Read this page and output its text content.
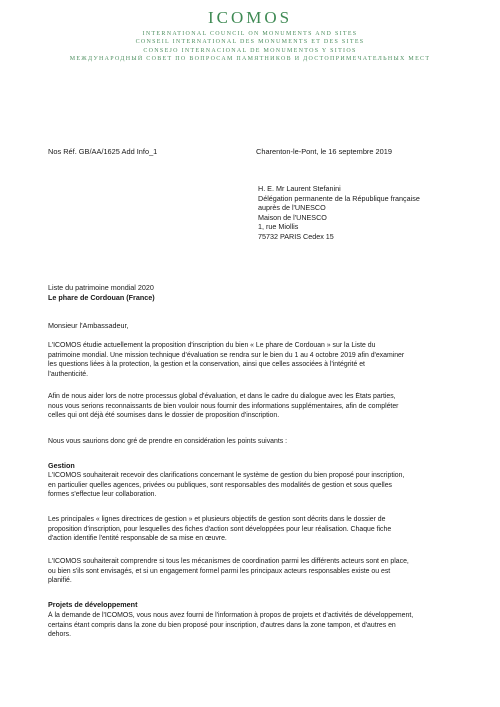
ICOMOS
INTERNATIONAL COUNCIL ON MONUMENTS AND SITES
CONSEIL INTERNATIONAL DES MONUMENTS ET DES SITES
CONSEJO INTERNACIONAL DE MONUMENTOS Y SITIOS
МЕЖДУНАРОДНЫЙ СОВЕТ ПО ВОПРОСАМ ПАМЯТНИКОВ И ДОСТОПРИМЕЧАТЕЛЬНЫХ МЕСТ
Nos Réf. GB/AA/1625 Add Info_1	Charenton-le-Pont, le 16 septembre 2019
H. E. Mr Laurent Stefanini
Délégation permanente de la République française
auprès de l'UNESCO
Maison de l'UNESCO
1, rue Miollis
75732 PARIS Cedex 15
Liste du patrimoine mondial 2020
Le phare de Cordouan (France)
Monsieur l'Ambassadeur,
L'ICOMOS étudie actuellement la proposition d'inscription du bien « Le phare de Cordouan » sur la Liste du
patrimoine mondial. Une mission technique d'évaluation se rendra sur le bien du 1 au 4 octobre 2019 afin d'examiner
les questions liées à la protection, la gestion et la conservation, ainsi que celles associées à l'intégrité et
l'authenticité.
Afin de nous aider lors de notre processus global d'évaluation, et dans le cadre du dialogue avec les États parties,
nous vous serions reconnaissants de bien vouloir nous fournir des informations supplémentaires, afin de compléter
celles qui ont déjà été soumises dans le dossier de proposition d'inscription.
Nous vous saurions donc gré de prendre en considération les points suivants :
Gestion
L'ICOMOS souhaiterait recevoir des clarifications concernant le système de gestion du bien proposé pour inscription,
en particulier quelles agences, privées ou publiques, sont responsables des modalités de gestion et sous quelles
formes s'effectue leur collaboration.
Les principales « lignes directrices de gestion » et plusieurs objectifs de gestion sont décrits dans le dossier de
proposition d'inscription, pour lesquelles des fiches d'action sont développées pour leur réalisation. Chaque fiche
d'action identifie l'entité responsable de sa mise en œuvre.
L'ICOMOS souhaiterait comprendre si tous les mécanismes de coordination parmi les différents acteurs sont en place,
ou bien s'ils sont envisagés, et si un engagement formel parmi les principaux acteurs responsables existe ou est
planifié.
Projets de développement
À la demande de l'ICOMOS, vous nous avez fourni de l'information à propos de projets et d'activités de développement,
certains étant compris dans la zone du bien proposé pour inscription, d'autres dans la zone tampon, et d'autres en
dehors.
